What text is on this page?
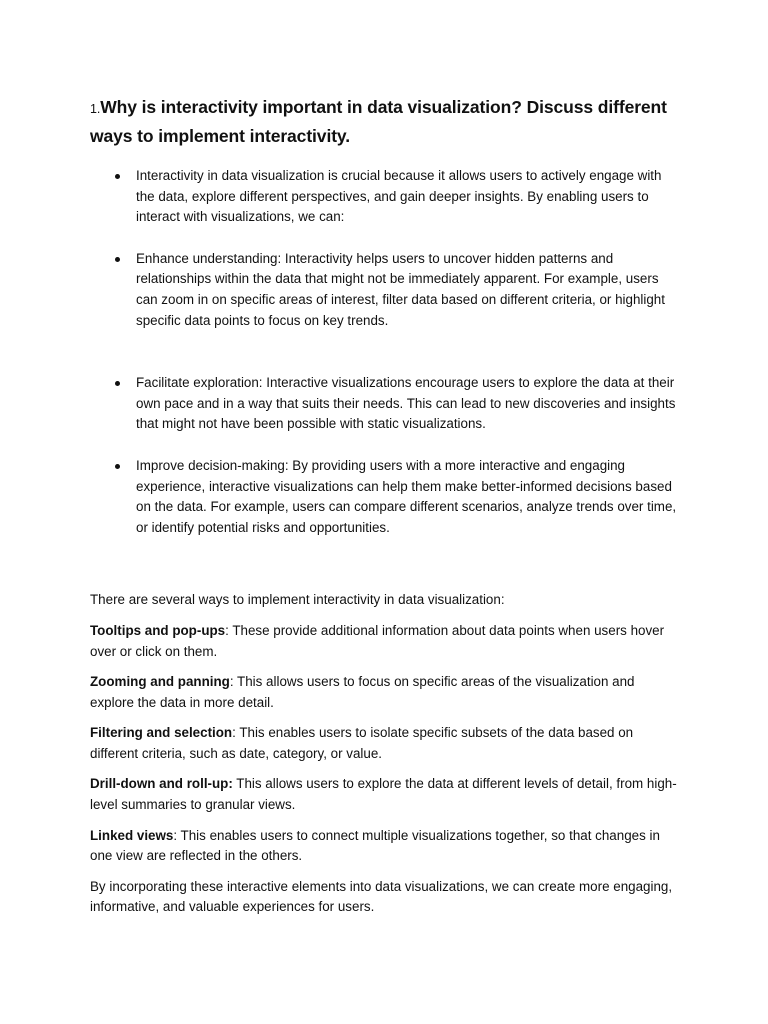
1.Why is interactivity important in data visualization? Discuss different ways to implement interactivity.
Interactivity in data visualization is crucial because it allows users to actively engage with the data, explore different perspectives, and gain deeper insights. By enabling users to interact with visualizations, we can:
Enhance understanding: Interactivity helps users to uncover hidden patterns and relationships within the data that might not be immediately apparent. For example, users can zoom in on specific areas of interest, filter data based on different criteria, or highlight specific data points to focus on key trends.
Facilitate exploration: Interactive visualizations encourage users to explore the data at their own pace and in a way that suits their needs. This can lead to new discoveries and insights that might not have been possible with static visualizations.
Improve decision-making: By providing users with a more interactive and engaging experience, interactive visualizations can help them make better-informed decisions based on the data. For example, users can compare different scenarios, analyze trends over time, or identify potential risks and opportunities.

There are several ways to implement interactivity in data visualization:

Tooltips and pop-ups: These provide additional information about data points when users hover over or click on them.

Zooming and panning: This allows users to focus on specific areas of the visualization and explore the data in more detail.

Filtering and selection: This enables users to isolate specific subsets of the data based on different criteria, such as date, category, or value.

Drill-down and roll-up: This allows users to explore the data at different levels of detail, from high-level summaries to granular views.

Linked views: This enables users to connect multiple visualizations together, so that changes in one view are reflected in the others.

By incorporating these interactive elements into data visualizations, we can create more engaging, informative, and valuable experiences for users.
